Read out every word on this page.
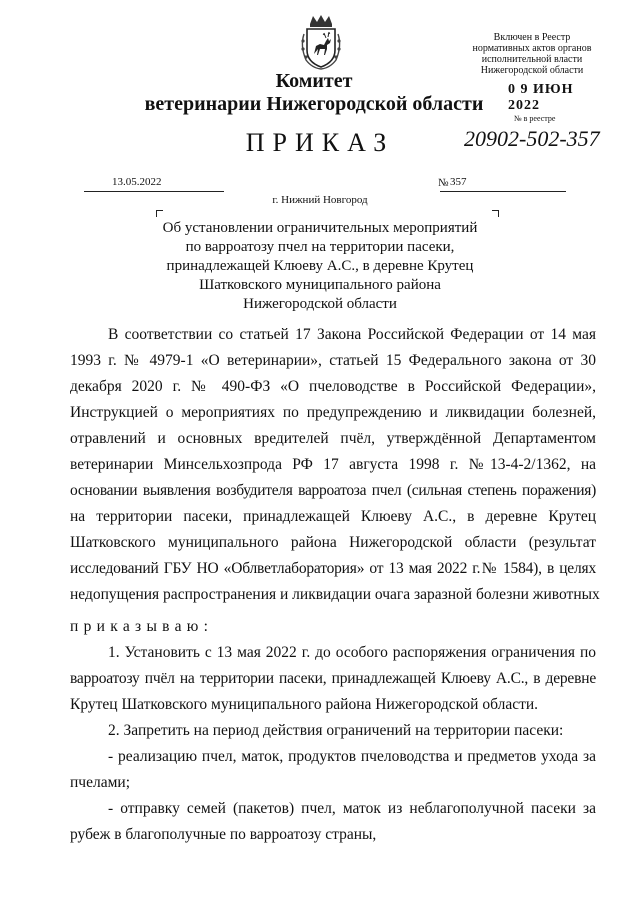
Комитет
ветеринарии Нижегородской области
ПРИКАЗ
Включен в Реестр
нормативных актов органов
исполнительной власти
Нижегородской области
0 9 ИЮН 2022
№ в реестре
20902-502-357
13.05.2022	№ 357
г. Нижний Новгород
Об установлении ограничительных мероприятий
по варроатозу пчел на территории пасеки,
принадлежащей Клюеву А.С., в деревне Крутец
Шатковского муниципального района
Нижегородской области
В соответствии со статьей 17 Закона Российской Федерации от 14 мая
1993 г. № 4979-1 «О ветеринарии», статьей 15 Федерального закона от 30
декабря 2020 г. № 490-ФЗ «О пчеловодстве в Российской Федерации»,
Инструкцией о мероприятиях по предупреждению и ликвидации болезней,
отравлений и основных вредителей пчёл, утверждённой Департаментом
ветеринарии Минсельхозпрода РФ 17 августа 1998 г. №13-4-2/1362, на
основании выявления возбудителя варроатоза пчел (сильная степень поражения)
на территории пасеки, принадлежащей Клюеву А.С., в деревне Крутец
Шатковского муниципального района Нижегородской области (результат
исследований ГБУ НО «Облветлаборатория» от 13 мая 2022 г.№ 1584), в целях
недопущения распространения и ликвидации очага заразной болезни животных
приказываю:
1. Установить с 13 мая 2022 г. до особого распоряжения ограничения по
варроатозу пчёл на территории пасеки, принадлежащей Клюеву А.С., в деревне
Крутец Шатковского муниципального района Нижегородской области.
2. Запретить на период действия ограничений на территории пасеки:
- реализацию пчел, маток, продуктов пчеловодства и предметов ухода за
пчелами;
- отправку семей (пакетов) пчел, маток из неблагополучной пасеки за
рубеж в благополучные по варроатозу страны,
